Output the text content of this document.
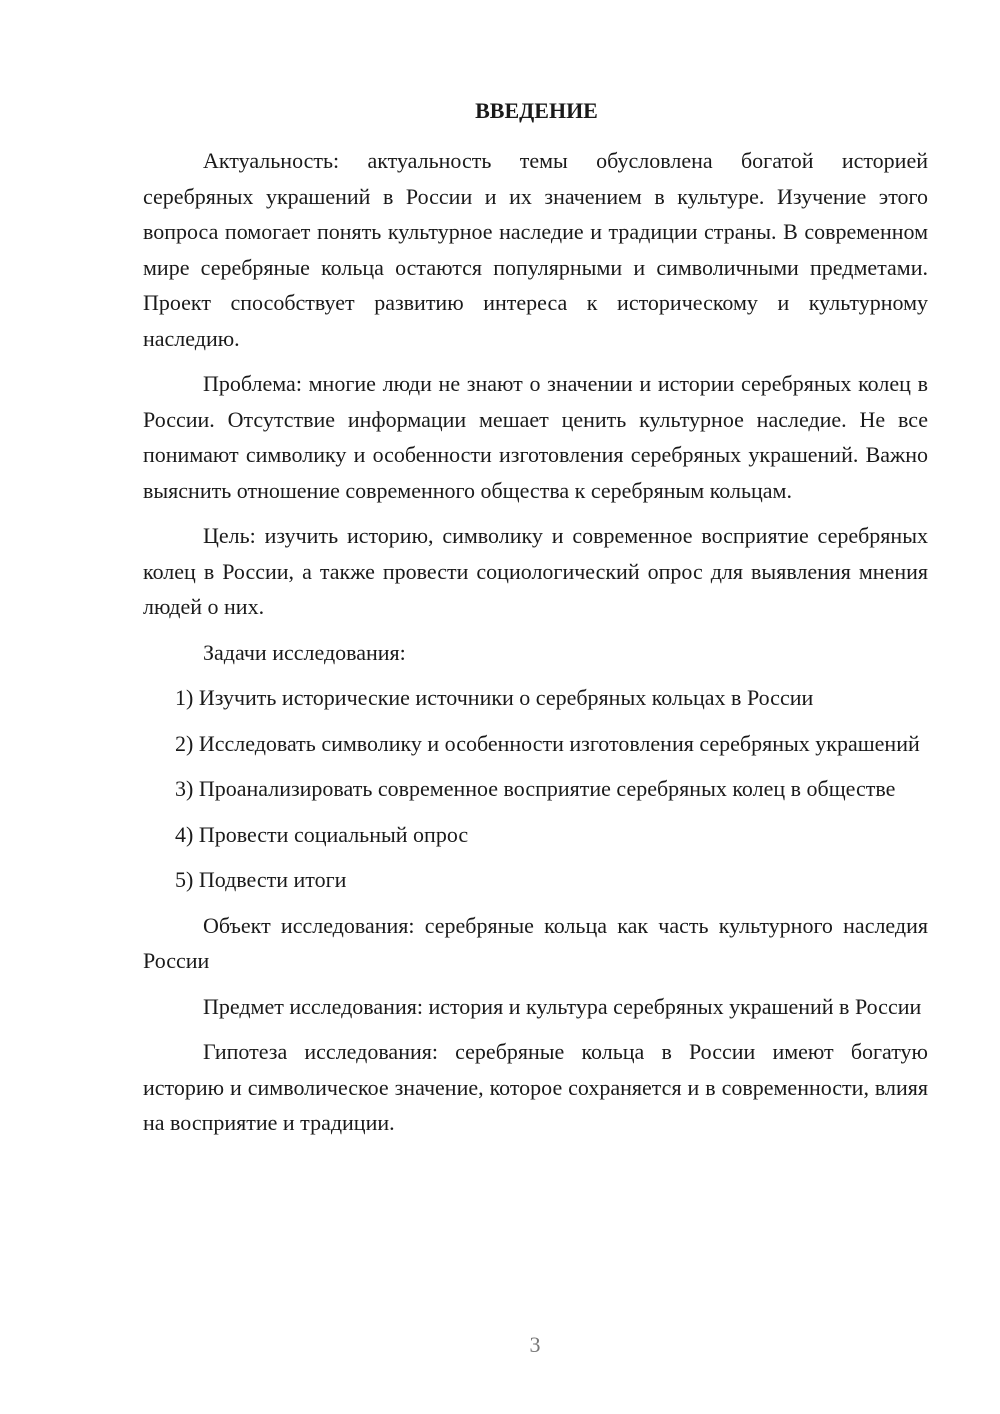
ВВЕДЕНИЕ

Актуальность: актуальность темы обусловлена богатой историей серебряных украшений в России и их значением в культуре. Изучение этого вопроса помогает понять культурное наследие и традиции страны. В современном мире серебряные кольца остаются популярными и символичными предметами. Проект способствует развитию интереса к историческому и культурному наследию.

Проблема: многие люди не знают о значении и истории серебряных колец в России. Отсутствие информации мешает ценить культурное наследие. Не все понимают символику и особенности изготовления серебряных украшений. Важно выяснить отношение современного общества к серебряным кольцам.

Цель: изучить историю, символику и современное восприятие серебряных колец в России, а также провести социологический опрос для выявления мнения людей о них.

Задачи исследования:

1) Изучить исторические источники о серебряных кольцах в России

2) Исследовать символику и особенности изготовления серебряных украшений

3) Проанализировать современное восприятие серебряных колец в обществе

4) Провести социальный опрос

5) Подвести итоги

Объект исследования: серебряные кольца как часть культурного наследия России

Предмет исследования: история и культура серебряных украшений в России

Гипотеза исследования: серебряные кольца в России имеют богатую историю и символическое значение, которое сохраняется и в современности, влияя на восприятие и традиции.

3
